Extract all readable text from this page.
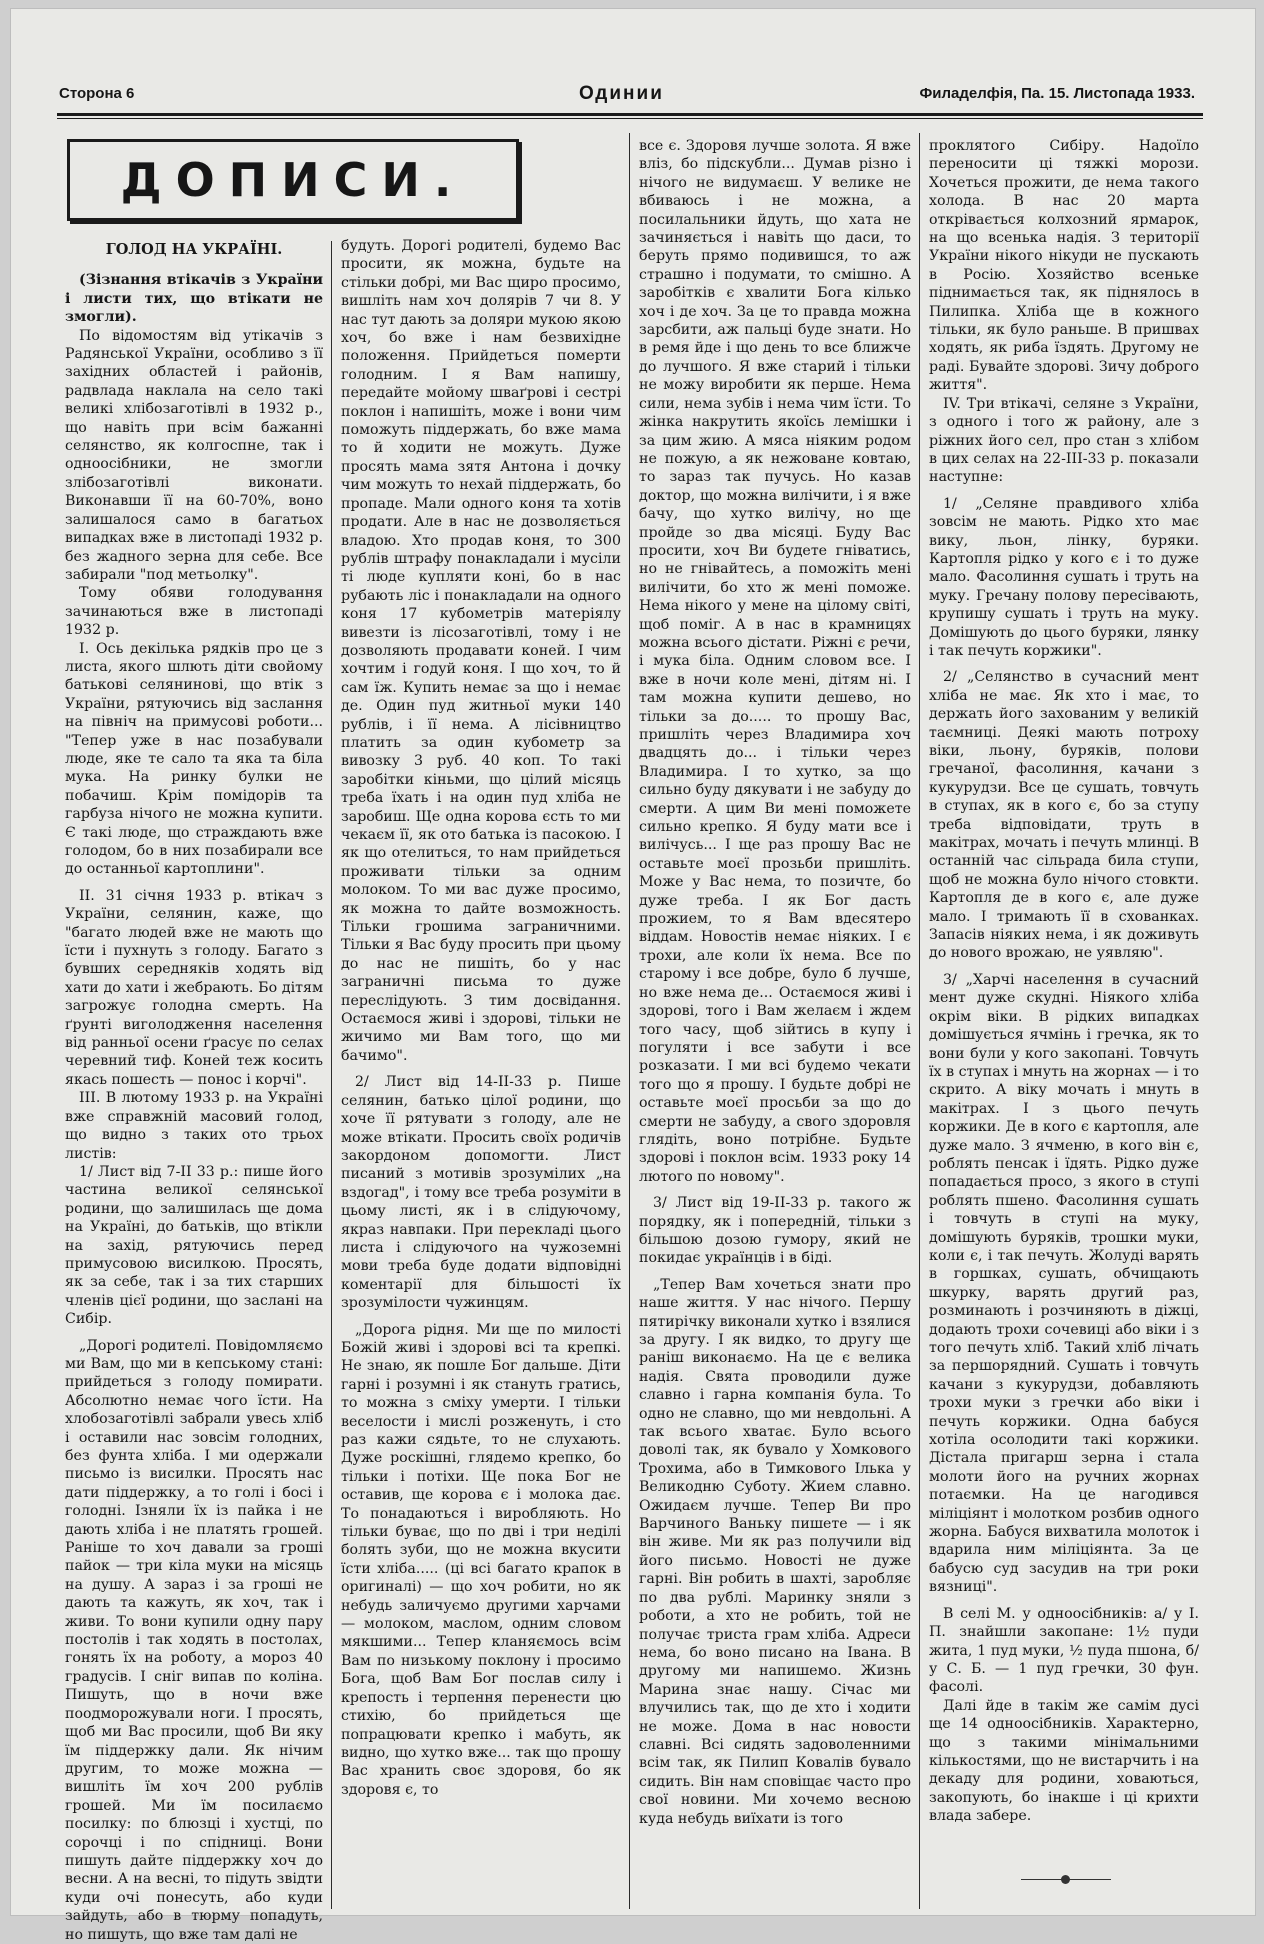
Сторона 6	Одинии	Филаделфія, Па. 15. Листопада 1933.
ДОПИСИ.

ГОЛОД НА УКРАЇНІ.

(Зізнання втікачів з України і листи тих, що втікати не змогли).

По відомостям від утікачів з Радянської України, особливо з її західних областей і районів, радвлада наклала на село такі великі хлібозаготівлі в 1932 р., що навіть при всім бажанні селянство, як колгоспне, так і одноосібники, не змогли злібозаготівлі виконати. Виконавши її на 60-70%, воно залишалося само в багатьох випадках вже в листопаді 1932 р. без жадного зерна для себе. Все забирали "под метьолку".

Тому обяви голодування зачинаються вже в листопаді 1932 р.

І. Ось декілька рядків про це з листа, якого шлють діти свойому батькові селянинові, що втік з України, рятуючись від заслання на північ на примусові роботи... "Тепер уже в нас позабували люде, яке те сало та яка та біла мука. На ринку булки не побачиш. Крім помідорів та гарбуза нічого не можна купити. Є такі люде, що страждають вже голодом, бо в них позабирали все до останньої картоплини".

ІІ. 31 січня 1933 р. втікач з України, селянин, каже, що "багато людей вже не мають що їсти і пухнуть з голоду. Багато з бувших середняків ходять від хати до хати і жебрають. Бо дітям загрожує голодна смерть. На ґрунті виголодження населення від ранньої осени ґрасує по селах черевний тиф. Коней теж косить якась пошесть — понос і корчі".

ІІІ. В лютому 1933 р. на Україні вже справжній масовий голод, що видно з таких ото трьох листів:

1/ Лист від 7-ІІ 33 р.: пише його частина великої селянської родини, що залишилась ще дома на Україні, до батьків, що втікли на захід, рятуючись перед примусовою висилкою. Просять, як за себе, так і за тих старших членів цієї родини, що заслані на Сибір.

„Дорогі родителі. Повідомляємо ми Вам, що ми в кепському стані: прийдеться з голоду помирати. Абсолютно немає чого їсти. На хлобозаготівлі забрали увесь хліб і оставили нас зовсім голодних, без фунта хліба. І ми одержали письмо із висилки. Просять нас дати піддержку, а то голі і босі і голодні. Ізняли їх із пайка і не дають хліба і не платять грошей. Раніше то хоч давали за гроші пайок — три кіла муки на місяць на душу. А зараз і за гроші не дають та кажуть, як хоч, так і живи. То вони купили одну пару постолів і так ходять в постолах, гонять їх на роботу, а мороз 40 градусів. І сніг випав по коліна. Пишуть, що в ночи вже поодморожували ноги. І просять, щоб ми Вас просили, щоб Ви яку їм піддержку дали. Як нічим другим, то може можна — вишліть їм хоч 200 рублів грошей. Ми їм посилаємо посилку: по блюзці і хустці, по сорочці і по спідниці. Вони пишуть дайте піддержку хоч до весни. А на весні, то підуть звідти куди очі понесуть, або куди зайдуть, або в тюрму попадуть, но пишуть, що вже там далі не

будуть. Дорогі родителі, будемо Вас просити, як можна, будьте на стільки добрі, ми Вас щиро просимо, вишліть нам хоч долярів 7 чи 8. У нас тут дають за доляри мукою якою хоч, бо вже і нам безвихідне положення. Прийдеться померти голодним. І я Вам напишу, передайте мойому шваґрові і сестрі поклон і напишіть, може і вони чим поможуть піддержать, бо вже мама то й ходити не можуть. Дуже просять мама зятя Антона і дочку чим можуть то нехай піддержать, бо пропаде. Мали одного коня та хотів продати. Але в нас не дозволяється владою. Хто продав коня, то 300 рублів штрафу понакладали і мусіли ті люде купляти коні, бо в нас рубають ліс і понакладали на одного коня 17 кубометрів матеріялу вивезти із лісозаготівлі, тому і не дозволяють продавати коней. І чим хочтим і годуй коня. І що хоч, то й сам їж. Купить немає за що і немає де. Один пуд житньої муки 140 рублів, і її нема. А лісівництво платить за один кубометр за вивозку 3 руб. 40 коп. То такі заробітки кіньми, що цілий місяць треба їхать і на один пуд хліба не заробиш. Ще одна корова єсть то ми чекаєм її, як ото батька із пасокою. І як що отелиться, то нам прийдеться проживати тільки за одним молоком. То ми вас дуже просимо, як можна то дайте возможность. Тільки грошима заграничними. Тільки я Вас буду просить при цьому до нас не пишіть, бо у нас заграничні письма то дуже переслідують. З тим досвідання. Остаємося живі і здорові, тільки не жичимо ми Вам того, що ми бачимо".

2/ Лист від 14-ІІ-33 р. Пише селянин, батько цілої родини, що хоче її рятувати з голоду, але не може втікати. Просить своїх родичів закордоном допомогти. Лист писаний з мотивів зрозумілих „на вздогад", і тому все треба розуміти в цьому листі, як і в слідуючому, якраз навпаки. При перекладі цього листа і слідуючого на чужоземні мови треба буде додати відповідні коментарії для більшості їх зрозумілости чужинцям.

„Дорога рідня. Ми ще по милості Божій живі і здорові всі та крепкі. Не знаю, як пошле Бог дальше. Діти гарні і розумні і як стануть гратись, то можна з сміху умерти. І тільки веселости і мислі розженуть, і сто раз кажи сядьте, то не слухають. Дуже роскішні, глядемо крепко, бо тільки і потіхи. Ще пока Бог не оставив, ще корова є і молока дає. То понадаються і виробляють. Но тільки буває, що по дві і три неділі болять зуби, що не можна вкусити їсти хліба..... (ці всі багато крапок в оригиналі) — що хоч робити, но як небудь заличуємо другими харчами — молоком, маслом, одним словом мякшими... Тепер кланяємось всім Вам по низькому поклону і просимо Бога, щоб Вам Бог послав силу і крепость і терпення перенести цю стихію, бо прийдеться ще попрацювати крепко і мабуть, як видно, що хутко вже... так що прошу Вас хранить своє здоровя, бо як здоровя є, то

все є. Здоровя лучше золота. Я вже вліз, бо підскубли... Думав різно і нічого не видумаєш. У велике не вбиваюсь і не можна, а посилальники йдуть, що хата не зачиняється і навіть що даси, то беруть прямо подивишся, то аж страшно і подумати, то смішно. А заробітків є хвалити Бога кілько хоч і де хоч. За це то правда можна зарсбити, аж пальці буде знати. Но в ремя йде і що день то все ближче до лучшого. Я вже старий і тільки не можу виробити як перше. Нема сили, нема зубів і нема чим їсти. То жінка накрутить якоїсь лемішки і за цим жию. А мяса ніяким родом не пожую, а як нежоване ковтаю, то зараз так пучусь. Но казав доктор, що можна вилічити, і я вже бачу, що хутко вилічу, но ще пройде зо два місяці. Буду Вас просити, хоч Ви будете гніватись, но не гнівайтесь, а поможіть мені вилічити, бо хто ж мені поможе. Нема нікого у мене на цілому світі, щоб поміг. А в нас в крамницях можна всього дістати. Ріжні є речи, і мука біла. Одним словом все. І вже в ночи коле мені, дітям ні. І там можна купити дешево, но тільки за до..... то прошу Вас, пришліть через Владимира хоч двадцять до... і тільки через Владимира. І то хутко, за що сильно буду дякувати і не забуду до смерти. А цим Ви мені поможете сильно крепко. Я буду мати все і вилічусь... І ще раз прошу Вас не оставьте моєї прозьби пришліть. Може у Вас нема, то позичте, бо дуже треба. І як Бог дасть прожием, то я Вам вдесятеро віддам. Новостів немає ніяких. І є трохи, але коли їх нема. Все по старому і все добре, було б лучше, но вже нема де... Остаємося живі і здорові, того і Вам желаєм і ждем того часу, щоб зійтись в купу і погуляти і все забути і все розказати. І ми всі будемо чекати того що я прошу. І будьте добрі не оставьте моєї просьби за що до смерти не забуду, а свого здоровля глядіть, воно потрібне. Будьте здорові і поклон всім. 1933 року 14 лютого по новому".

3/ Лист від 19-ІІ-33 р. такого ж порядку, як і попередній, тільки з більшою дозою гумору, який не покидає українців і в біді.

„Тепер Вам хочеться знати про наше життя. У нас нічого. Першу пятирічку виконали хутко і взялися за другу. І як видко, то другу ще раніш виконаємо. На це є велика надія. Свята проводили дуже славно і гарна компанія була. То одно не славно, що ми невдольні. А так всього хватає. Було всього доволі так, як бувало у Хомкового Трохима, або в Тимкового Ілька у Великодню Суботу. Жием славно. Ожидаєм лучше. Тепер Ви про Варчиного Ваньку пишете — і як він живе. Ми як раз получили від його письмо. Новості не дуже гарні. Він робить в шахті, заробляє по два рублі. Маринку зняли з роботи, а хто не робить, той не получає триста грам хліба. Адреси нема, бо воно писано на Івана. В другому ми напишемо. Жизнь Марина знає нашу. Січас ми влучились так, що де хто і ходити не може. Дома в нас новости славні. Всі сидять задоволенними всім так, як Пилип Ковалів бувало сидить. Він нам сповіщає часто про свої новини. Ми хочемо весною куда небудь виїхати із того

проклятого Сибіру. Надоїло переносити ці тяжкі морози. Хочеться прожити, де нема такого холода. В нас 20 марта открівається колхозний ярмарок, на що всенька надія. З території України нікого нікуди не пускають в Росію. Хозяйство всеньке піднимається так, як піднялось в Пилипка. Хліба ще в кожного тільки, як було раньше. В пришвах ходять, як риба їздять. Другому не раді. Бувайте здорові. Зичу доброго життя".

IV. Три втікачі, селяне з України, з одного і того ж району, але з ріжних його сел, про стан з хлібом в цих селах на 22-ІІІ-33 р. показали наступне:

1/ „Селяне правдивого хліба зовсім не мають. Рідко хто має вику, льон, лінку, буряки. Картопля рідко у кого є і то дуже мало. Фасолиння сушать і труть на муку. Гречану полову пересівають, крупишу сушать і труть на муку. Домішують до цього буряки, лянку і так печуть коржики".

2/ „Селянство в сучасний мент хліба не має. Як хто і має, то держать його захованим у великій таємниці. Деякі мають потроху віки, льону, буряків, полови гречаної, фасолиння, качани з кукурудзи. Все це сушать, товчуть в ступах, як в кого є, бо за ступу треба відповідати, труть в макітрах, мочать і печуть млинці. В останній час сільрада била ступи, щоб не можна було нічого стовкти. Картопля де в кого є, але дуже мало. І тримають її в схованках. Запасів ніяких нема, і як доживуть до нового врожаю, не уявляю".

3/ „Харчі населення в сучасний мент дуже скудні. Ніякого хліба окрім віки. В рідких випадках домішується ячмінь і гречка, як то вони були у кого закопані. Товчуть їх в ступах і мнуть на жорнах — і то скрито. А віку мочать і мнуть в макітрах. І з цього печуть коржики. Де в кого є картопля, але дуже мало. З ячменю, в кого він є, роблять пенсак і їдять. Рідко дуже попадається просо, з якого в ступі роблять пшено. Фасолиння сушать і товчуть в ступі на муку, домішують буряків, трошки муки, коли є, і так печуть. Жолуді варять в горшках, сушать, обчищають шкурку, варять другий раз, розминають і розчиняють в діжці, додають трохи сочевиці або віки і з того печуть хліб. Такий хліб лічать за першорядний. Сушать і товчуть качани з кукурудзи, добавляють трохи муки з гречки або віки і печуть коржики. Одна бабуся хотіла осолодити такі коржики. Дістала пригарш зерна і стала молоти його на ручних жорнах потаємки. На це нагодився міліціянт і молотком розбив одного жорна. Бабуся вихватила молоток і вдарила ним міліціянта. За це бабусю суд засудив на три роки вязниці".

В селі М. у одноосібників: а/ у І. П. знайшли закопане: 1½ пуди жита, 1 пуд муки, ½ пуда пшона, б/ у С. Б. — 1 пуд гречки, 30 фун. фасолі.

Далі йде в такім же самім дусі ще 14 одноосібників. Характерно, що з такими мінімальними кількостями, що не вистарчить і на декаду для родини, ховаються, закопують, бо інакше і ці крихти влада забере.
